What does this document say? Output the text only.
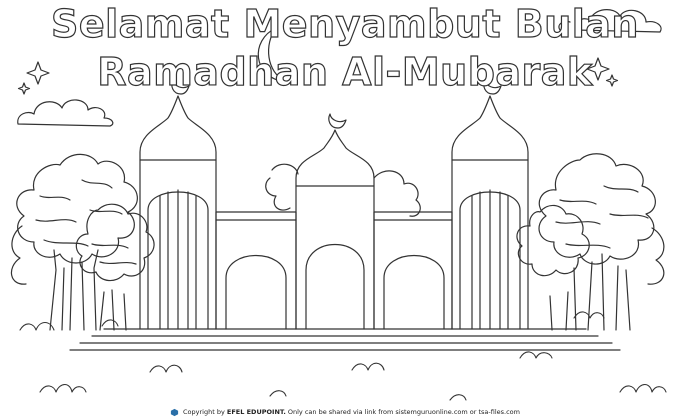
Selamat Menyambut Bulan
Ramadhan Al-Mubarak
Copyright by
EFEL EDUPOINT.
Only can be shared via link from sistemguruonline.com or tsa-files.com
